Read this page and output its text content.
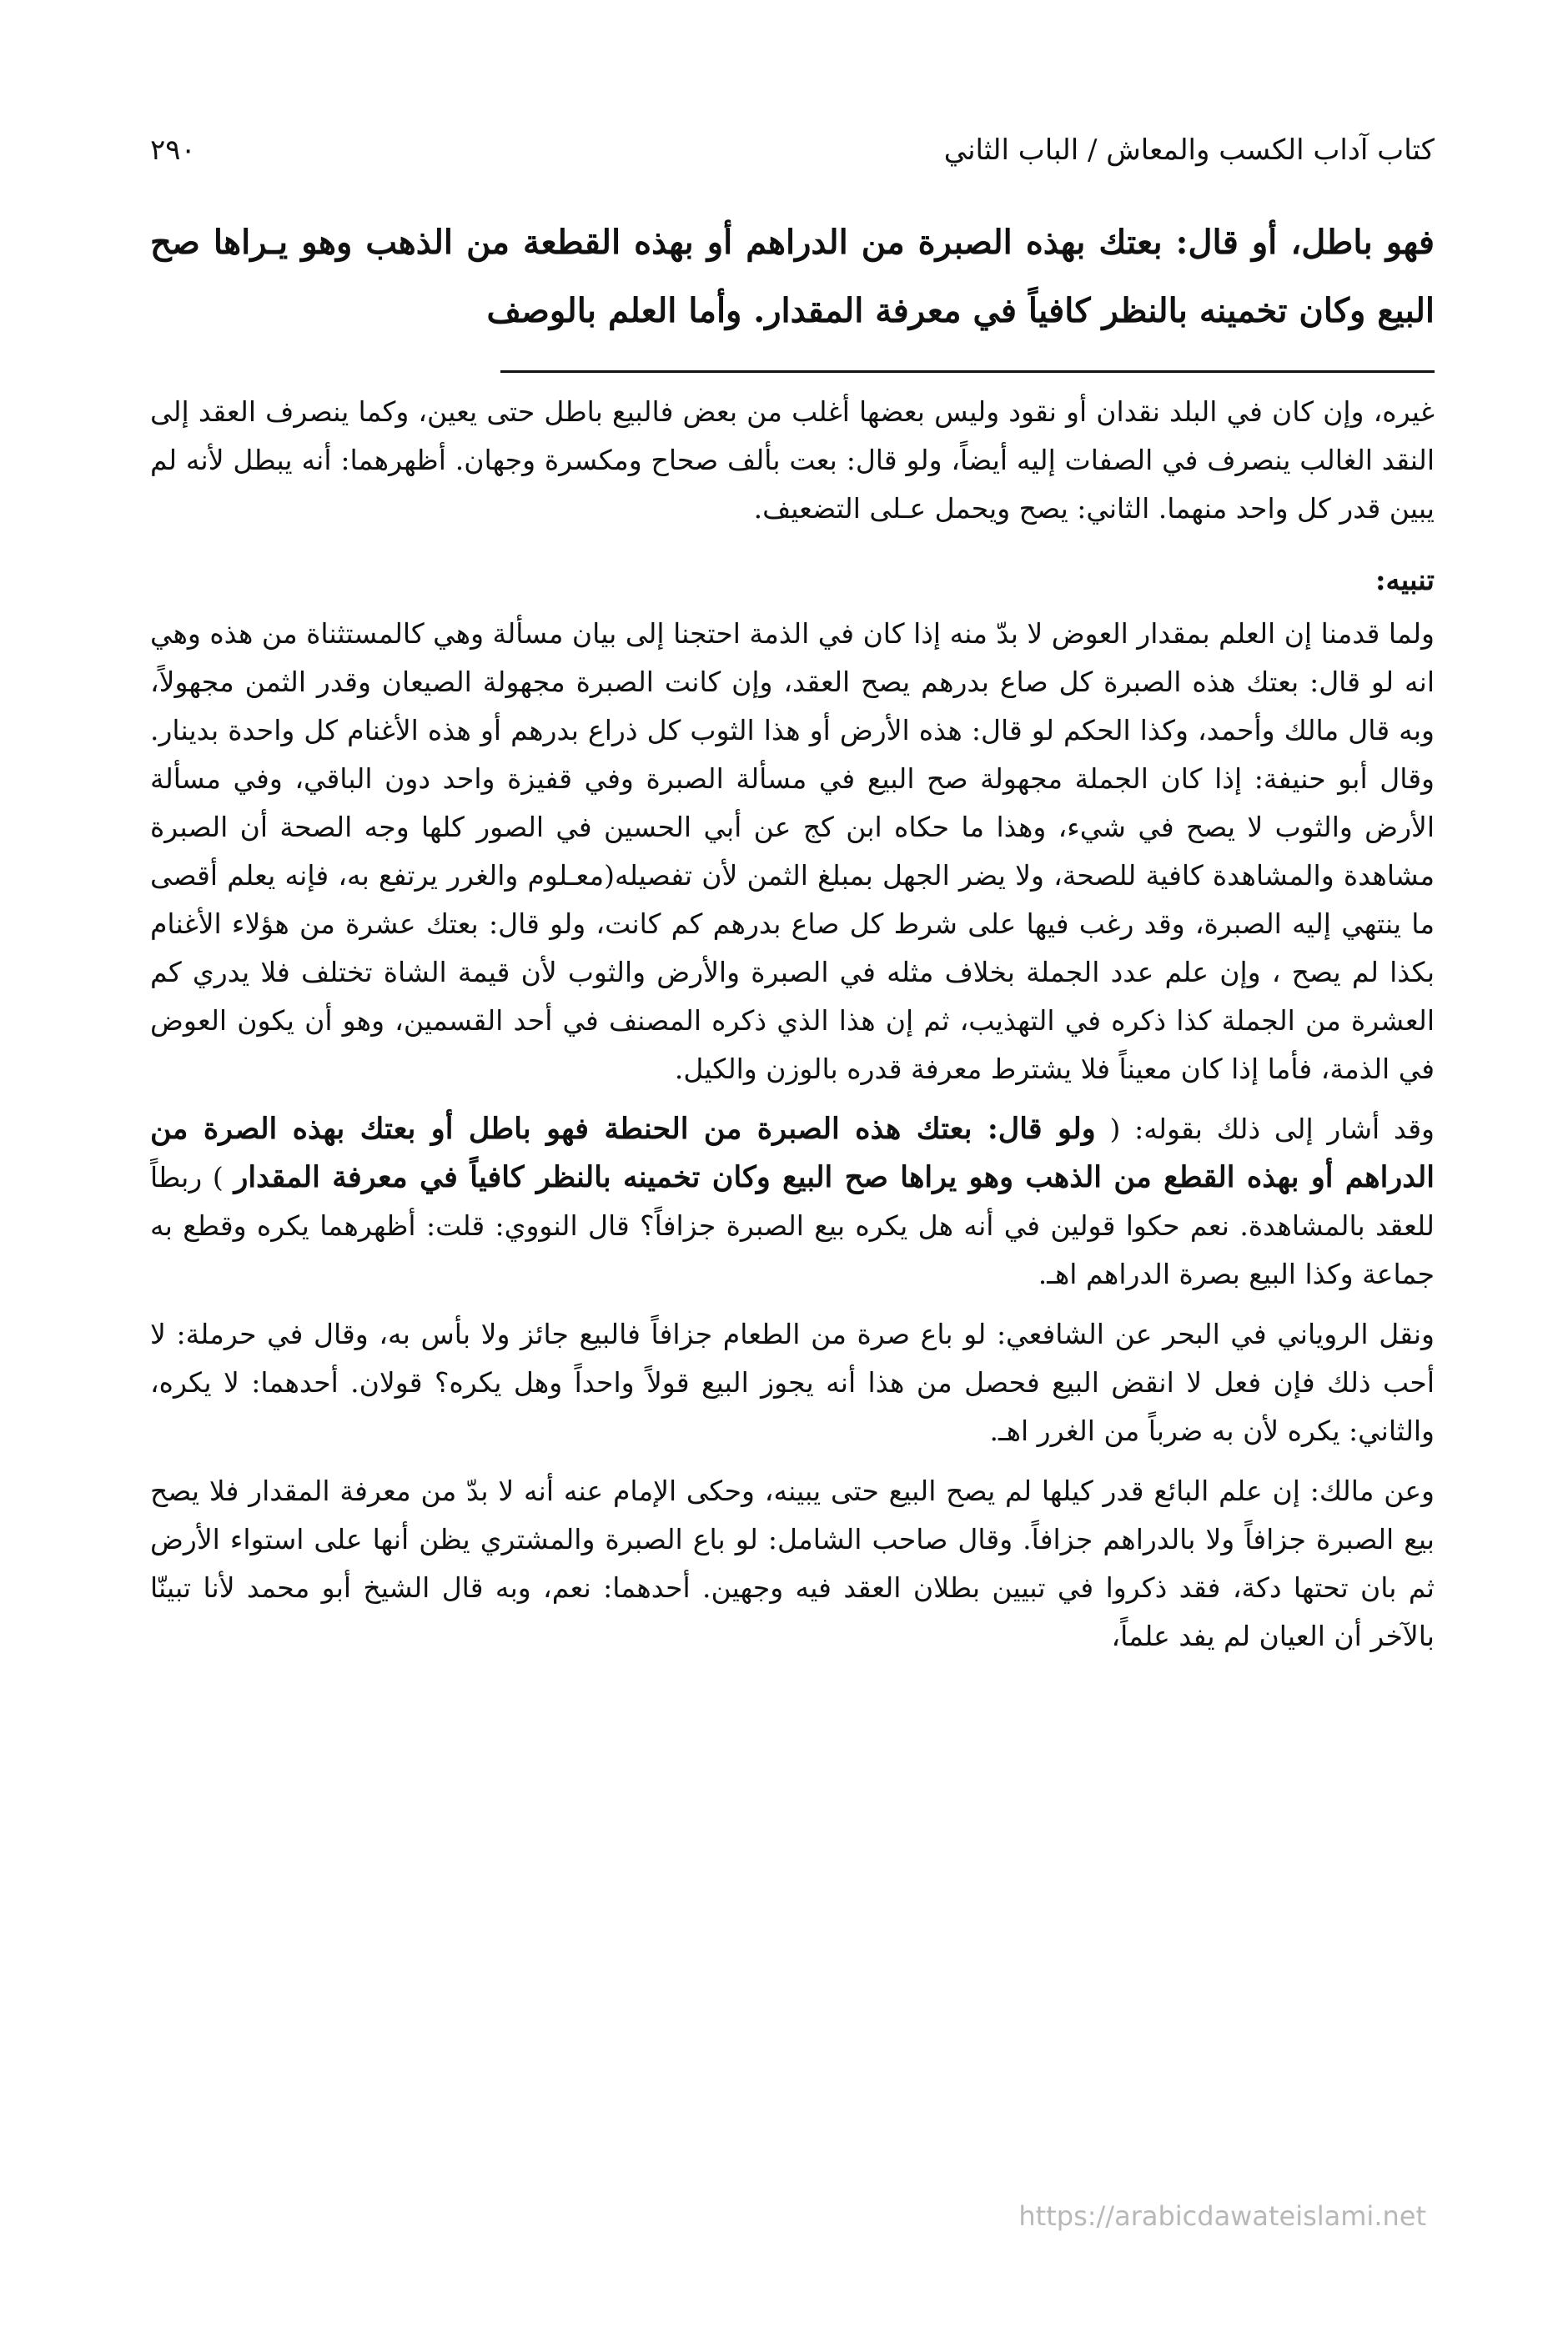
كتاب آداب الكسب والمعاش / الباب الثاني
٢٩٠
فهو باطل، أو قال: بعتك بهذه الصبرة من الدراهم أو بهذه القطعة من الذهب وهو يـراها صح البيع وكان تخمينه بالنظر كافياً في معرفة المقدار. وأما العلم بالوصف

غيره، وإن كان في البلد نقدان أو نقود وليس بعضها أغلب من بعض فالبيع باطل حتى يعين، وكما ينصرف العقد إلى النقد الغالب ينصرف في الصفات إليه أيضاً، ولو قال: بعت بألف صحاح ومكسرة وجهان. أظهرهما: أنه يبطل لأنه لم يبين قدر كل واحد منهما. الثاني: يصح ويحمل عـلى التضعيف.

تنبيه:

ولما قدمنا إن العلم بمقدار العوض لا بدّ منه إذا كان في الذمة احتجنا إلى بيان مسألة وهي كالمستثناة من هذه وهي انه لو قال: بعتك هذه الصبرة كل صاع بدرهم يصح العقد، وإن كانت الصبرة مجهولة الصيعان وقدر الثمن مجهولاً، وبه قال مالك وأحمد، وكذا الحكم لو قال: هذه الأرض أو هذا الثوب كل ذراع بدرهم أو هذه الأغنام كل واحدة بدينار. وقال أبو حنيفة: إذا كان الجملة مجهولة صح البيع في مسألة الصبرة وفي قفيزة واحد دون الباقي، وفي مسألة الأرض والثوب لا يصح في شيء، وهذا ما حكاه ابن كج عن أبي الحسين في الصور كلها وجه الصحة أن الصبرة مشاهدة والمشاهدة كافية للصحة، ولا يضر الجهل بمبلغ الثمن لأن تفصيله(معـلوم والغرر يرتفع به، فإنه يعلم أقصى ما ينتهي إليه الصبرة، وقد رغب فيها على شرط كل صاع بدرهم كم كانت، ولو قال: بعتك عشرة من هؤلاء الأغنام بكذا لم يصح ، وإن علم عدد الجملة بخلاف مثله في الصبرة والأرض والثوب لأن قيمة الشاة تختلف فلا يدري كم العشرة من الجملة كذا ذكره في التهذيب، ثم إن هذا الذي ذكره المصنف في أحد القسمين، وهو أن يكون العوض في الذمة، فأما إذا كان معيناً فلا يشترط معرفة قدره بالوزن والكيل.

وقد أشار إلى ذلك بقوله: ( ولو قال: بعتك هذه الصبرة من الحنطة فهو باطل أو بعتك بهذه الصرة من الدراهم أو بهذه القطع من الذهب وهو يراها صح البيع وكان تخمينه بالنظر كافياً في معرفة المقدار ) ربطاً للعقد بالمشاهدة. نعم حكوا قولين في أنه هل يكره بيع الصبرة جزافاً؟ قال النووي: قلت: أظهرهما يكره وقطع به جماعة وكذا البيع بصرة الدراهم اهـ.

ونقل الروياني في البحر عن الشافعي: لو باع صرة من الطعام جزافاً فالبيع جائز ولا بأس به، وقال في حرملة: لا أحب ذلك فإن فعل لا انقض البيع فحصل من هذا أنه يجوز البيع قولاً واحداً وهل يكره؟ قولان. أحدهما: لا يكره، والثاني: يكره لأن به ضرباً من الغرر اهـ.

وعن مالك: إن علم البائع قدر كيلها لم يصح البيع حتى يبينه، وحكى الإمام عنه أنه لا بدّ من معرفة المقدار فلا يصح بيع الصبرة جزافاً ولا بالدراهم جزافاً. وقال صاحب الشامل: لو باع الصبرة والمشتري يظن أنها على استواء الأرض ثم بان تحتها دكة، فقد ذكروا في تبيين بطلان العقد فيه وجهين. أحدهما: نعم، وبه قال الشيخ أبو محمد لأنا تبينّا بالآخر أن العيان لم يفد علماً،

https://arabicdawateislami.net
